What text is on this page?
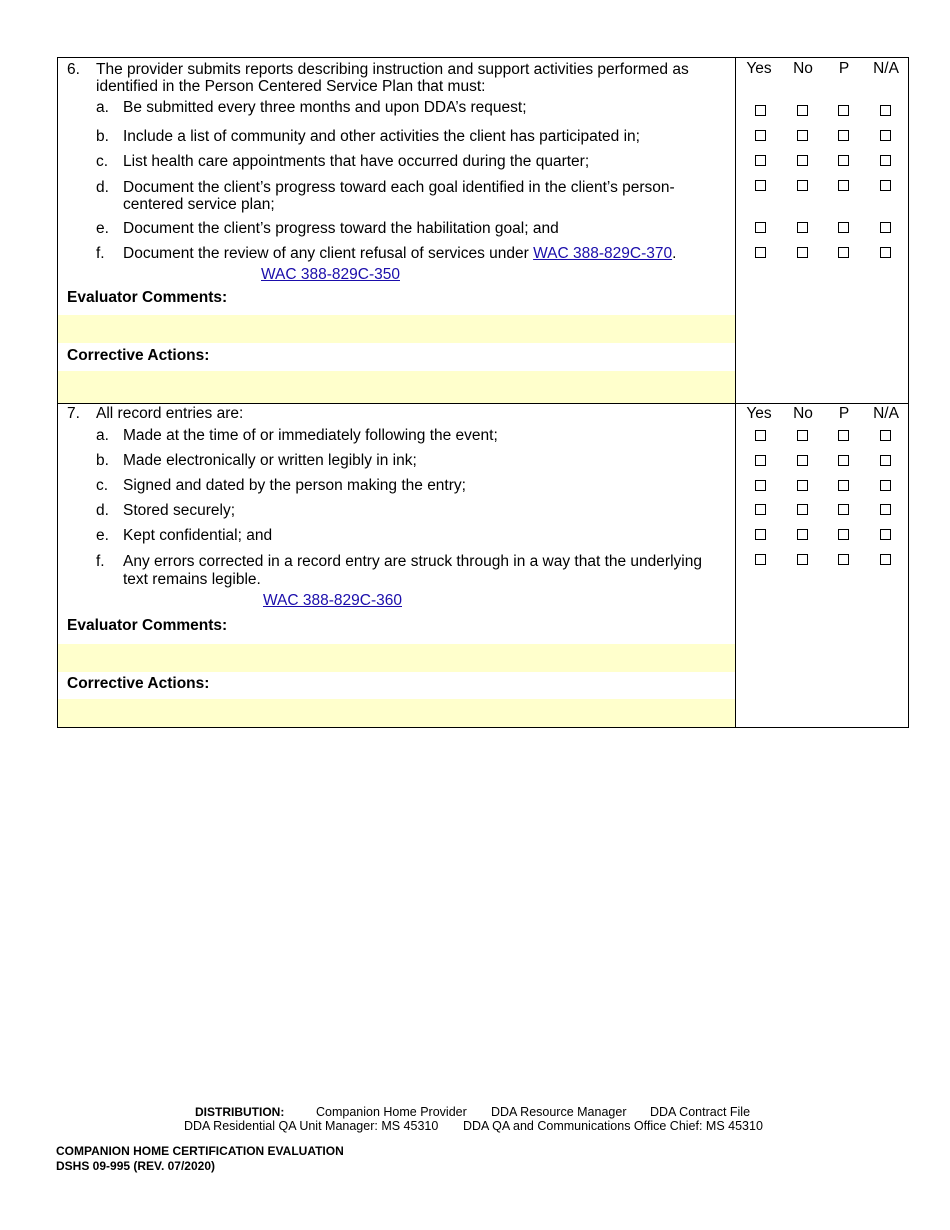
6. The provider submits reports describing instruction and support activities performed as
identified in the Person Centered Service Plan that must:
Yes	No	P	N/A
a. Be submitted every three months and upon DDA’s request;
b. Include a list of community and other activities the client has participated in;
c. List health care appointments that have occurred during the quarter;
d. Document the client’s progress toward each goal identified in the client’s person-
centered service plan;
e. Document the client’s progress toward the habilitation goal; and
f. Document the review of any client refusal of services under WAC 388-829C-370.
WAC 388-829C-350
Evaluator Comments:
Corrective Actions:
7. All record entries are:	Yes	No	P	N/A
a. Made at the time of or immediately following the event;
b. Made electronically or written legibly in ink;
c. Signed and dated by the person making the entry;
d. Stored securely;
e. Kept confidential; and
f. Any errors corrected in a record entry are struck through in a way that the underlying
text remains legible.
WAC 388-829C-360
Evaluator Comments:
Corrective Actions:
DISTRIBUTION:	Companion Home Provider DDA Resource Manager DDA Contract File
DDA Residential QA Unit Manager: MS 45310 DDA QA and Communications Office Chief: MS 45310
COMPANION HOME CERTIFICATION EVALUATION
DSHS 09-995 (REV. 07/2020)
